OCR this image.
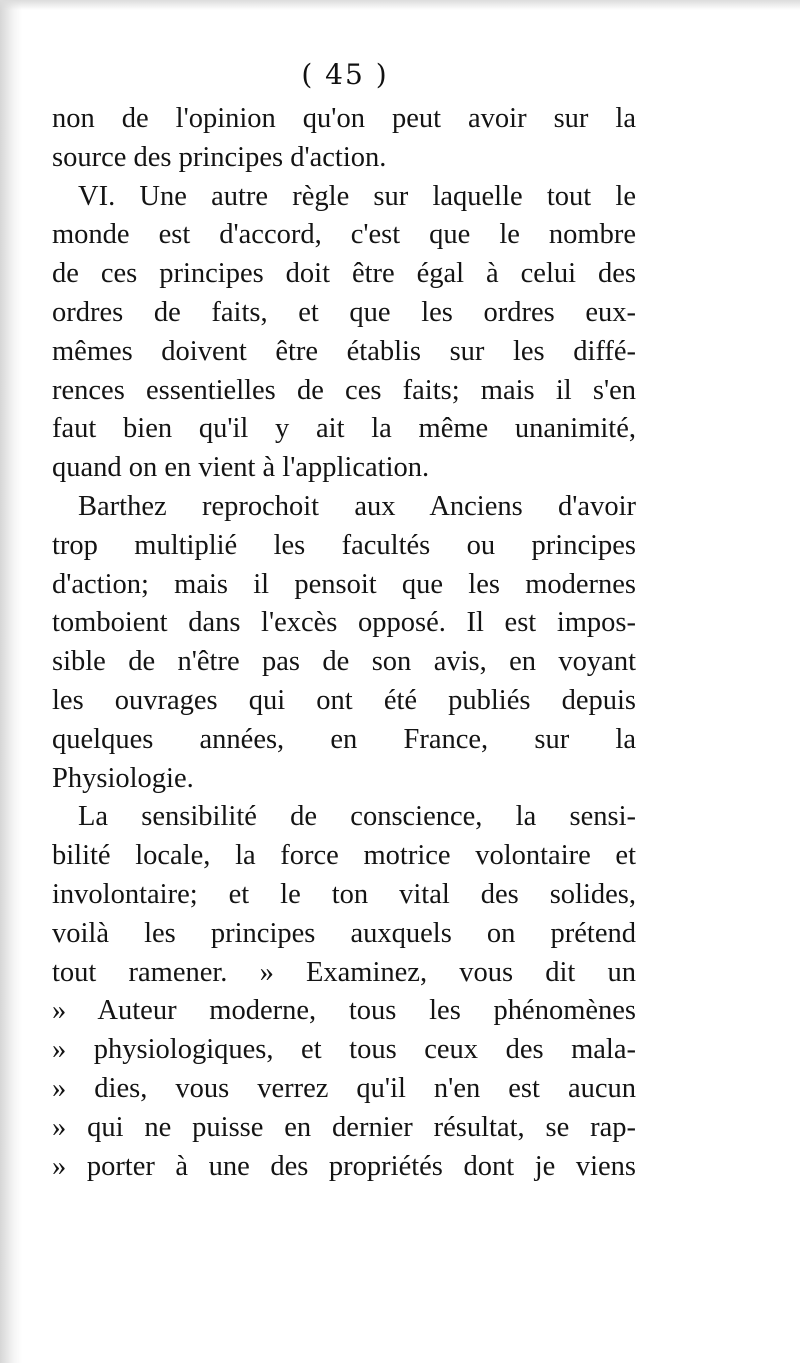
( 45 )
non de l'opinion qu'on peut avoir sur la
source des principes d'action.
VI. Une autre règle sur laquelle tout le
monde est d'accord, c'est que le nombre
de ces principes doit être égal à celui des
ordres de faits, et que les ordres eux-
mêmes doivent être établis sur les diffé-
rences essentielles de ces faits; mais il s'en
faut bien qu'il y ait la même unanimité,
quand on en vient à l'application.
Barthez reprochoit aux Anciens d'avoir
trop multiplié les facultés ou principes
d'action; mais il pensoit que les modernes
tomboient dans l'excès opposé. Il est impos-
sible de n'être pas de son avis, en voyant
les ouvrages qui ont été publiés depuis
quelques années, en France, sur la
Physiologie.
La sensibilité de conscience, la sensi-
bilité locale, la force motrice volontaire et
involontaire; et le ton vital des solides,
voilà les principes auxquels on prétend
tout ramener. » Examinez, vous dit un
» Auteur moderne, tous les phénomènes
» physiologiques, et tous ceux des mala-
» dies, vous verrez qu'il n'en est aucun
» qui ne puisse en dernier résultat, se rap-
» porter à une des propriétés dont je viens
